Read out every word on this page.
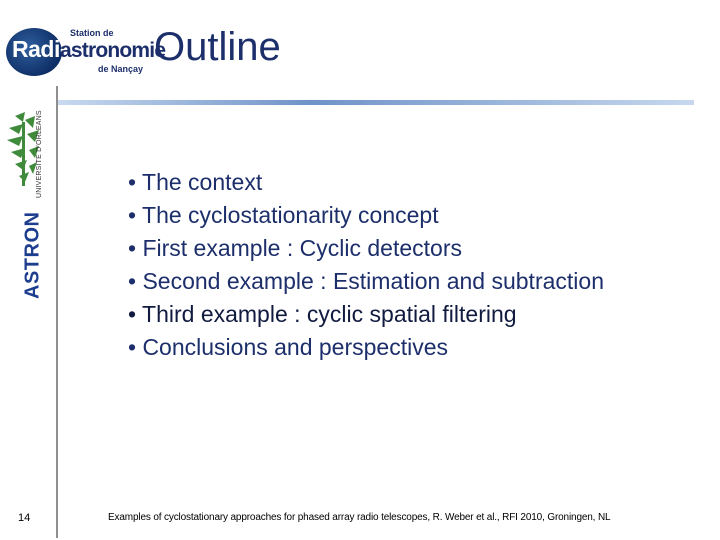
Station de
Radio
astronomie
de Nançay Outline
UNIVERSITE D'ORLEANS
ASTRON
• The context
• The cyclostationarity concept
• First example : Cyclic detectors
• Second example : Estimation and subtraction
• Third example : cyclic spatial filtering
• Conclusions and perspectives
14	Examples of cyclostationary approaches for phased array radio telescopes, R. Weber et al., RFI 2010, Groningen, NL
